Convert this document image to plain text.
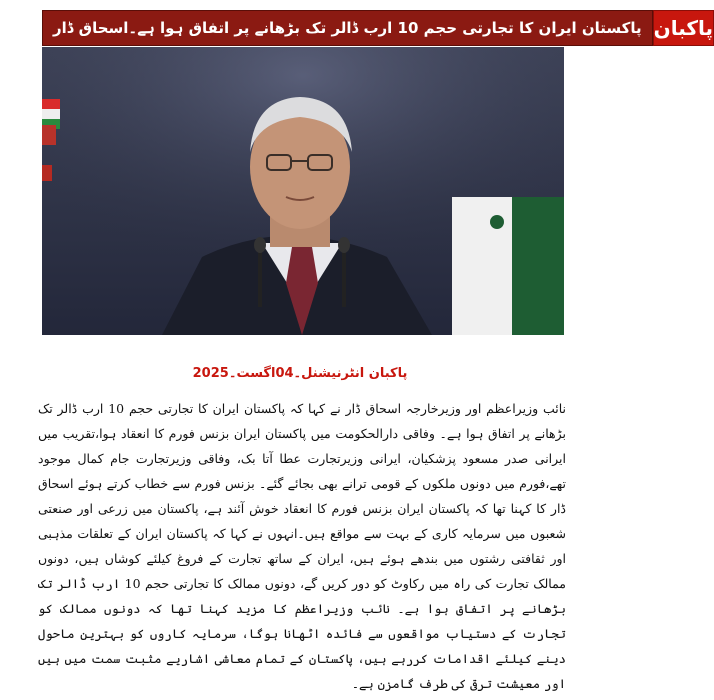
پاکستان ایران کا تجارتی حجم 10 ارب ڈالر تک بڑھانے پر اتفاق ہوا ہے۔اسحاق ڈار پاکبان
پاکبان انٹرنیشنل۔04اگست۔2025

نائب وزیراعظم اور وزیرخارجہ اسحاق ڈار نے کہا کہ پاکستان ایران کا تجارتی حجم 10 ارب ڈالر تک بڑھانے پر اتفاق ہوا ہے۔ وفاقی دارالحکومت میں پاکستان ایران بزنس فورم کا انعقاد ہوا،تقریب میں ایرانی صدر مسعود پزشکیان، ایرانی وزیرتجارت عطا آتا بک، وفاقی وزیرتجارت جام کمال موجود تھے،فورم میں دونوں ملکوں کے قومی ترانے بھی بجائے گئے۔ بزنس فورم سے خطاب کرتے ہوئے اسحاق ڈار کا کہنا تھا کہ پاکستان ایران بزنس فورم کا انعقاد خوش آئند ہے، پاکستان میں زرعی اور صنعتی شعبوں میں سرمایہ کاری کے بہت سے مواقع ہیں۔انہوں نے کہا کہ پاکستان ایران کے تعلقات مذہبی اور ثقافتی رشتوں میں بندھے ہوئے ہیں، ایران کے ساتھ تجارت کے فروغ کیلئے کوشاں ہیں، دونوں ممالک تجارت کی راہ میں رکاوٹ کو دور کریں گے، دونوں ممالک کا تجارتی حجم 10 ارب ڈالر تک بڑھانے پر اتفاق ہوا ہے۔ نائب وزیراعظم کا مزید کہنا تھا کہ دونوں ممالک کو تجارت کے دستیاب مواقعوں سے فائدہ اٹھانا ہوگا، سرمایہ کاروں کو بہترین ماحول دینے کیلئے اقدامات کررہے ہیں، پاکستان کے تمام معاشی اشاریے مثبت سمت میں ہیں اور معیشت ترقی کی طرف گامزن ہے۔
